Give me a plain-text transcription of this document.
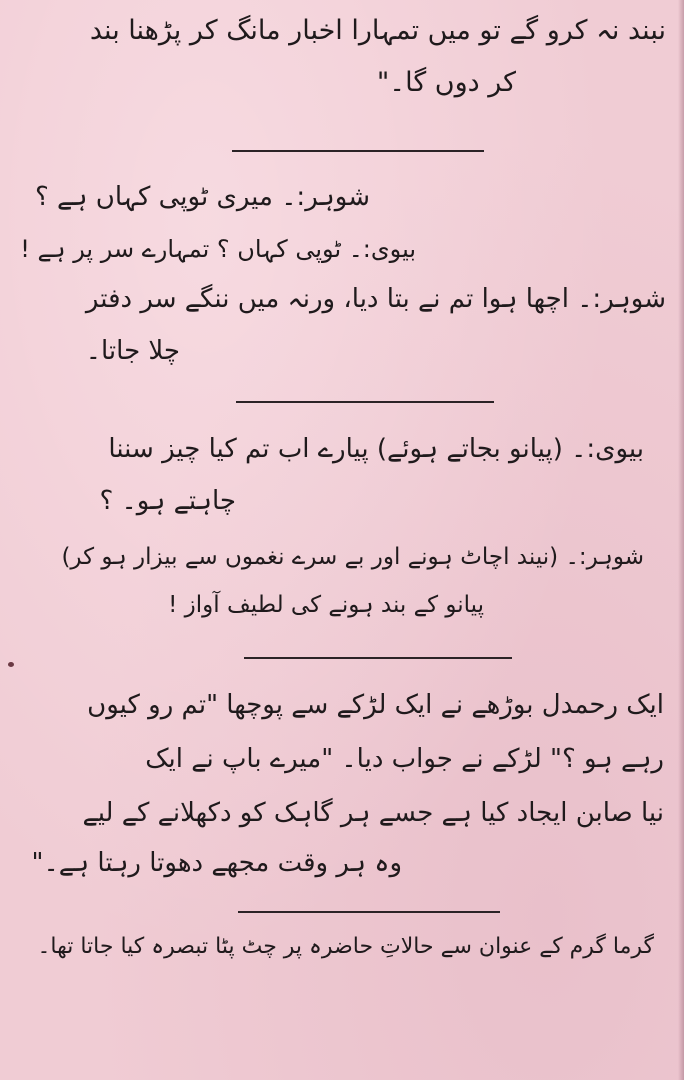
نبند نہ کرو گے تو میں تمہارا اخبار مانگ کر پڑھنا بند
کر دوں گا۔"
شوہر:۔ میری ٹوپی کہاں ہے ؟
بیوی:۔ ٹوپی کہاں ؟ تمہارے سر پر ہے !
شوہر:۔ اچھا ہوا تم نے بتا دیا، ورنہ میں ننگے سر دفتر
چلا جاتا۔
بیوی:۔ (پیانو بجاتے ہوئے) پیارے اب تم کیا چیز سننا
چاہتے ہو۔ ؟
شوہر:۔ (نیند اچاٹ ہونے اور بے سرے نغموں سے بیزار ہو کر)
پیانو کے بند ہونے کی لطیف آواز !
ایک رحمدل بوڑھے نے ایک لڑکے سے پوچھا "تم رو کیوں
رہے ہو ؟" لڑکے نے جواب دیا۔ "میرے باپ نے ایک
نیا صابن ایجاد کیا ہے جسے ہر گاہک کو دکھلانے کے لیے
وہ ہر وقت مجھے دھوتا رہتا ہے۔"
گرما گرم کے عنوان سے حالاتِ حاضرہ پر چٹ پٹا تبصرہ کیا جاتا تھا۔
